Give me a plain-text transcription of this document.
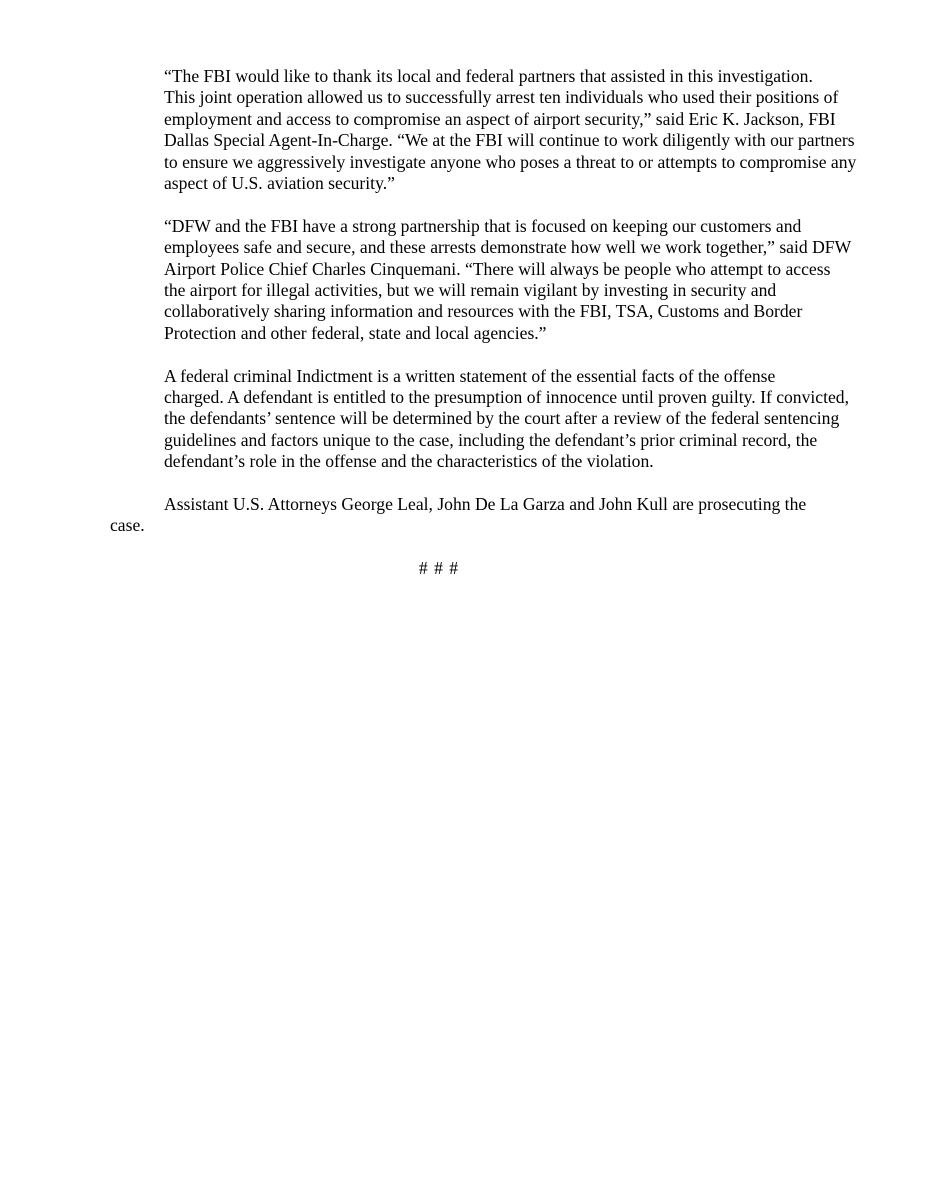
“The FBI would like to thank its local and federal partners that assisted in this investigation.
This joint operation allowed us to successfully arrest ten individuals who used their positions of
employment and access to compromise an aspect of airport security,” said Eric K. Jackson, FBI
Dallas Special Agent-In-Charge. “We at the FBI will continue to work diligently with our partners
to ensure we aggressively investigate anyone who poses a threat to or attempts to compromise any
aspect of U.S. aviation security.”

“DFW and the FBI have a strong partnership that is focused on keeping our customers and
employees safe and secure, and these arrests demonstrate how well we work together,” said DFW
Airport Police Chief Charles Cinquemani. “There will always be people who attempt to access
the airport for illegal activities, but we will remain vigilant by investing in security and
collaboratively sharing information and resources with the FBI, TSA, Customs and Border
Protection and other federal, state and local agencies.”

A federal criminal Indictment is a written statement of the essential facts of the offense
charged. A defendant is entitled to the presumption of innocence until proven guilty. If convicted,
the defendants’ sentence will be determined by the court after a review of the federal sentencing
guidelines and factors unique to the case, including the defendant’s prior criminal record, the
defendant’s role in the offense and the characteristics of the violation.

Assistant U.S. Attorneys George Leal, John De La Garza and John Kull are prosecuting the
case.

# # #
